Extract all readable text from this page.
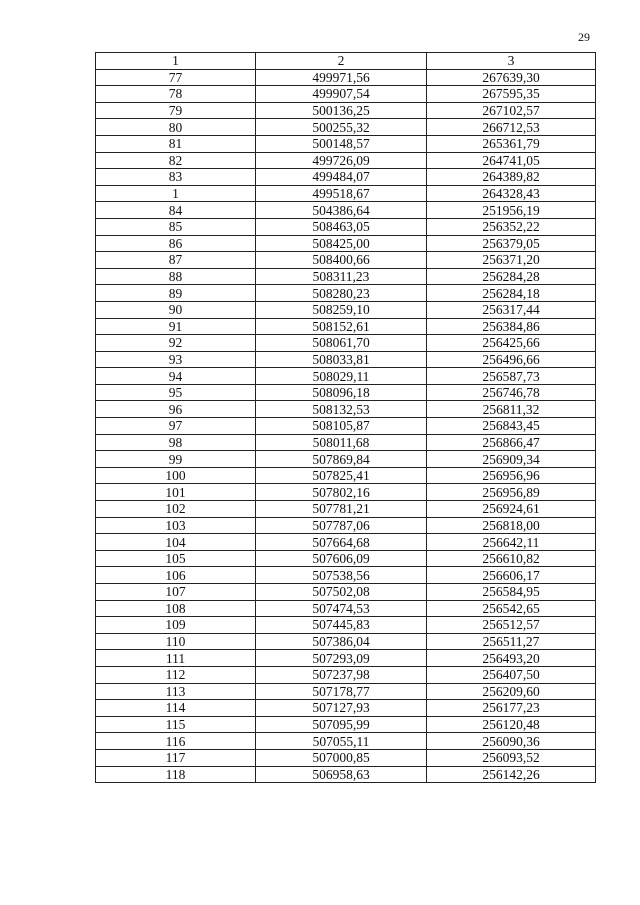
29
1	2	3
77	499971,56	267639,30
78	499907,54	267595,35
79	500136,25	267102,57
80	500255,32	266712,53
81	500148,57	265361,79
82	499726,09	264741,05
83	499484,07	264389,82
1	499518,67	264328,43
84	504386,64	251956,19
85	508463,05	256352,22
86	508425,00	256379,05
87	508400,66	256371,20
88	508311,23	256284,28
89	508280,23	256284,18
90	508259,10	256317,44
91	508152,61	256384,86
92	508061,70	256425,66
93	508033,81	256496,66
94	508029,11	256587,73
95	508096,18	256746,78
96	508132,53	256811,32
97	508105,87	256843,45
98	508011,68	256866,47
99	507869,84	256909,34
100	507825,41	256956,96
101	507802,16	256956,89
102	507781,21	256924,61
103	507787,06	256818,00
104	507664,68	256642,11
105	507606,09	256610,82
106	507538,56	256606,17
107	507502,08	256584,95
108	507474,53	256542,65
109	507445,83	256512,57
110	507386,04	256511,27
111	507293,09	256493,20
112	507237,98	256407,50
113	507178,77	256209,60
114	507127,93	256177,23
115	507095,99	256120,48
116	507055,11	256090,36
117	507000,85	256093,52
118	506958,63	256142,26
